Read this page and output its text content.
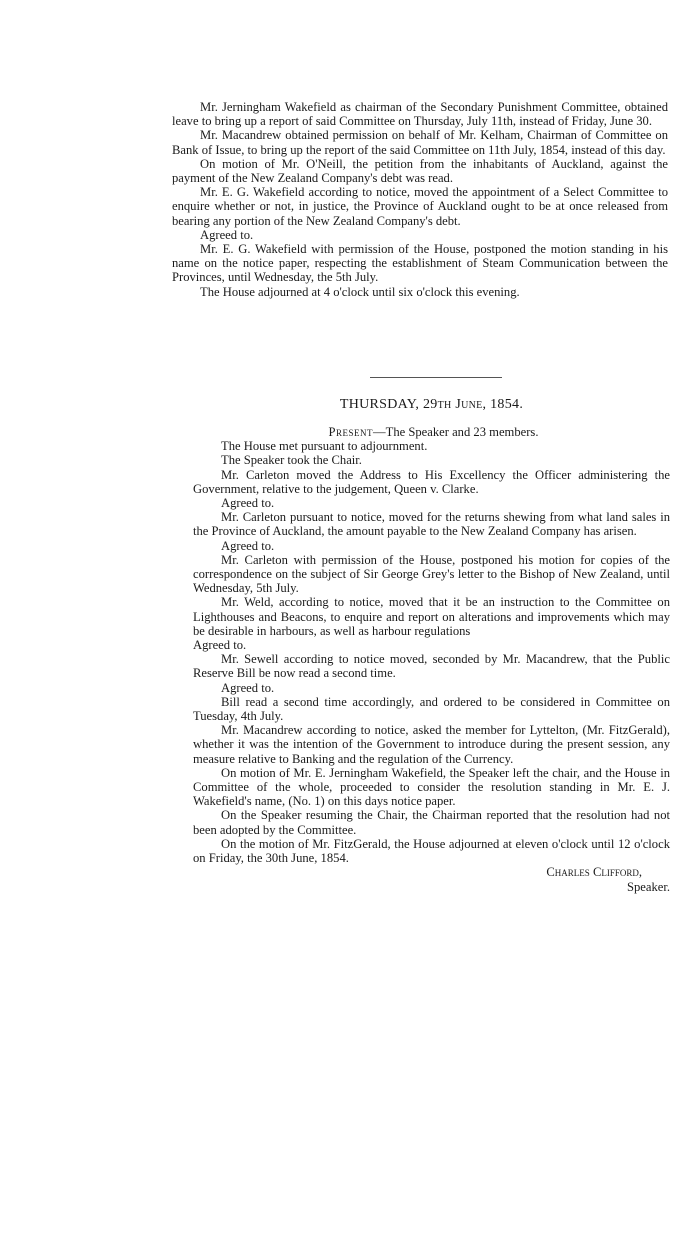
Mr. Jerningham Wakefield as chairman of the Secondary Punishment Committee, obtained leave to bring up a report of said Committee on Thursday, July 11th, instead of Friday, June 30.

Mr. Macandrew obtained permission on behalf of Mr. Kelham, Chairman of Committee on Bank of Issue, to bring up the report of the said Committee on 11th July, 1854, instead of this day.

On motion of Mr. O'Neill, the petition from the inhabitants of Auckland, against the payment of the New Zealand Company's debt was read.

Mr. E. G. Wakefield according to notice, moved the appointment of a Select Committee to enquire whether or not, in justice, the Province of Auckland ought to be at once released from bearing any portion of the New Zealand Company's debt.

Agreed to.

Mr. E. G. Wakefield with permission of the House, postponed the motion standing in his name on the notice paper, respecting the establishment of Steam Communication between the Provinces, until Wednesday, the 5th July.

The House adjourned at 4 o'clock until six o'clock this evening.

THURSDAY, 29th June, 1854.

Present—The Speaker and 23 members.

The House met pursuant to adjournment.

The Speaker took the Chair.

Mr. Carleton moved the Address to His Excellency the Officer administering the Government, relative to the judgement, Queen v. Clarke.

Agreed to.

Mr. Carleton pursuant to notice, moved for the returns shewing from what land sales in the Province of Auckland, the amount payable to the New Zealand Company has arisen.

Agreed to.

Mr. Carleton with permission of the House, postponed his motion for copies of the correspondence on the subject of Sir George Grey's letter to the Bishop of New Zealand, until Wednesday, 5th July.

Mr. Weld, according to notice, moved that it be an instruction to the Committee on Lighthouses and Beacons, to enquire and report on alterations and improvements which may be desirable in harbours, as well as harbour regulations

Agreed to.

Mr. Sewell according to notice moved, seconded by Mr. Macandrew, that the Public Reserve Bill be now read a second time.

Agreed to.

Bill read a second time accordingly, and ordered to be considered in Committee on Tuesday, 4th July.

Mr. Macandrew according to notice, asked the member for Lyttelton, (Mr. FitzGerald), whether it was the intention of the Government to introduce during the present session, any measure relative to Banking and the regulation of the Currency.

On motion of Mr. E. Jerningham Wakefield, the Speaker left the chair, and the House in Committee of the whole, proceeded to consider the resolution standing in Mr. E. J. Wakefield's name, (No. 1) on this days notice paper.

On the Speaker resuming the Chair, the Chairman reported that the resolution had not been adopted by the Committee.

On the motion of Mr. FitzGerald, the House adjourned at eleven o'clock until 12 o'clock on Friday, the 30th June, 1854.

Charles Clifford,

Speaker.
